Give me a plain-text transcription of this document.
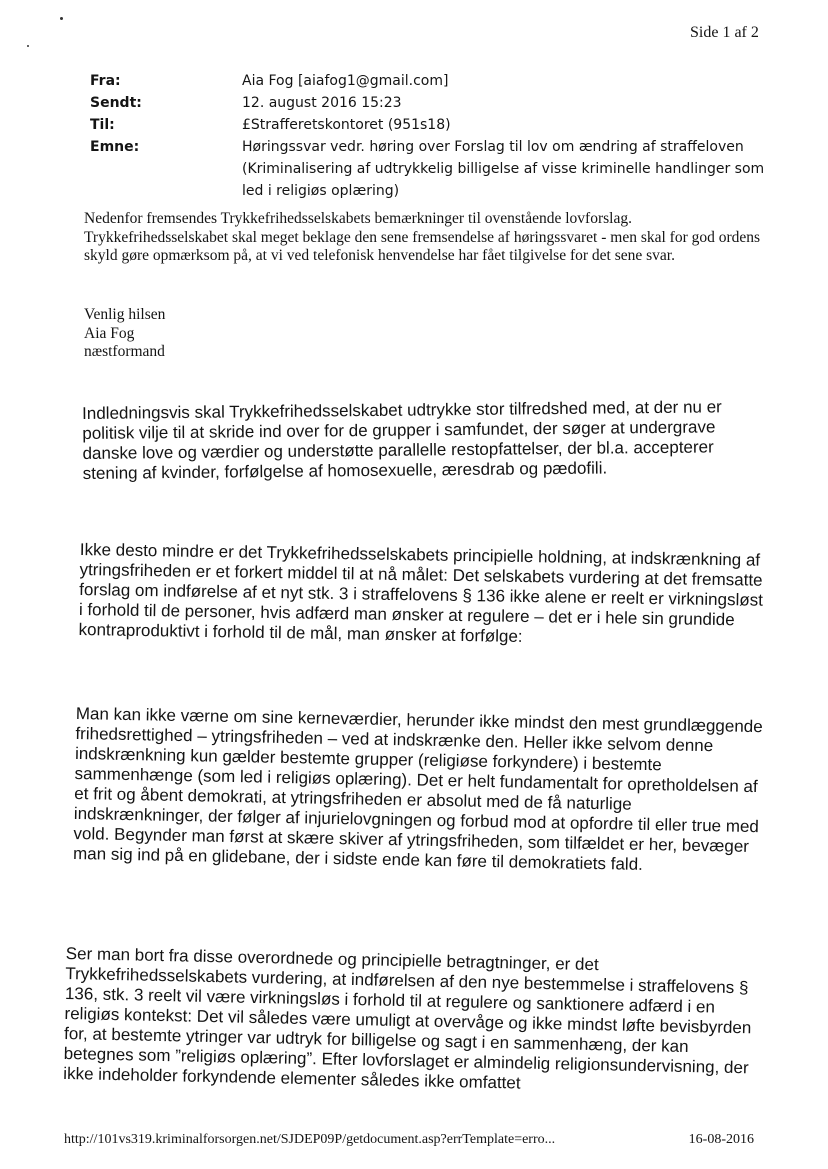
Side 1 af 2
Fra:	Aia Fog [aiafog1@gmail.com]
Sendt:	12. august 2016 15:23
Til:	£Strafferetskontoret (951s18)
Emne:	Høringssvar vedr. høring over Forslag til lov om ændring af straffeloven (Kriminalisering af udtrykkelig billigelse af visse kriminelle handlinger som led i religiøs oplæring)

Nedenfor fremsendes Trykkefrihedsselskabets bemærkninger til ovenstående lovforslag. Trykkefrihedsselskabet skal meget beklage den sene fremsendelse af høringssvaret - men skal for god ordens skyld gøre opmærksom på, at vi ved telefonisk henvendelse har fået tilgivelse for det sene svar.

Venlig hilsen
Aia Fog
næstformand

Indledningsvis skal Trykkefrihedsselskabet udtrykke stor tilfredshed med, at der nu er politisk vilje til at skride ind over for de grupper i samfundet, der søger at undergrave danske love og værdier og understøtte parallelle restopfattelser, der bl.a. accepterer stening af kvinder, forfølgelse af homosexuelle, æresdrab og pædofili.

Ikke desto mindre er det Trykkefrihedsselskabets principielle holdning, at indskrænkning af ytringsfriheden er et forkert middel til at nå målet: Det selskabets vurdering at det fremsatte forslag om indførelse af et nyt stk. 3 i straffelovens § 136 ikke alene er reelt er virkningsløst i forhold til de personer, hvis adfærd man ønsker at regulere – det er i hele sin grundide kontraproduktivt i forhold til de mål, man ønsker at forfølge:

Man kan ikke værne om sine kerneværdier, herunder ikke mindst den mest grundlæggende frihedsrettighed – ytringsfriheden – ved at indskrænke den. Heller ikke selvom denne indskrænkning kun gælder bestemte grupper (religiøse forkyndere) i bestemte sammenhænge (som led i religiøs oplæring). Det er helt fundamentalt for opretholdelsen af et frit og åbent demokrati, at ytringsfriheden er absolut med de få naturlige indskrænkninger, der følger af injurielovgningen og forbud mod at opfordre til eller true med vold. Begynder man først at skære skiver af ytringsfriheden, som tilfældet er her, bevæger man sig ind på en glidebane, der i sidste ende kan føre til demokratiets fald.

Ser man bort fra disse overordnede og principielle betragtninger, er det Trykkefrihedsselskabets vurdering, at indførelsen af den nye bestemmelse i straffelovens § 136, stk. 3 reelt vil være virkningsløs i forhold til at regulere og sanktionere adfærd i en religiøs kontekst: Det vil således være umuligt at overvåge og ikke mindst løfte bevisbyrden for, at bestemte ytringer var udtryk for billigelse og sagt i en sammenhæng, der kan betegnes som ”religiøs oplæring”. Efter lovforslaget er almindelig religionsundervisning, der ikke indeholder forkyndende elementer således ikke omfattet

http://101vs319.kriminalforsorgen.net/SJDEP09P/getdocument.asp?errTemplate=erro...	16-08-2016
